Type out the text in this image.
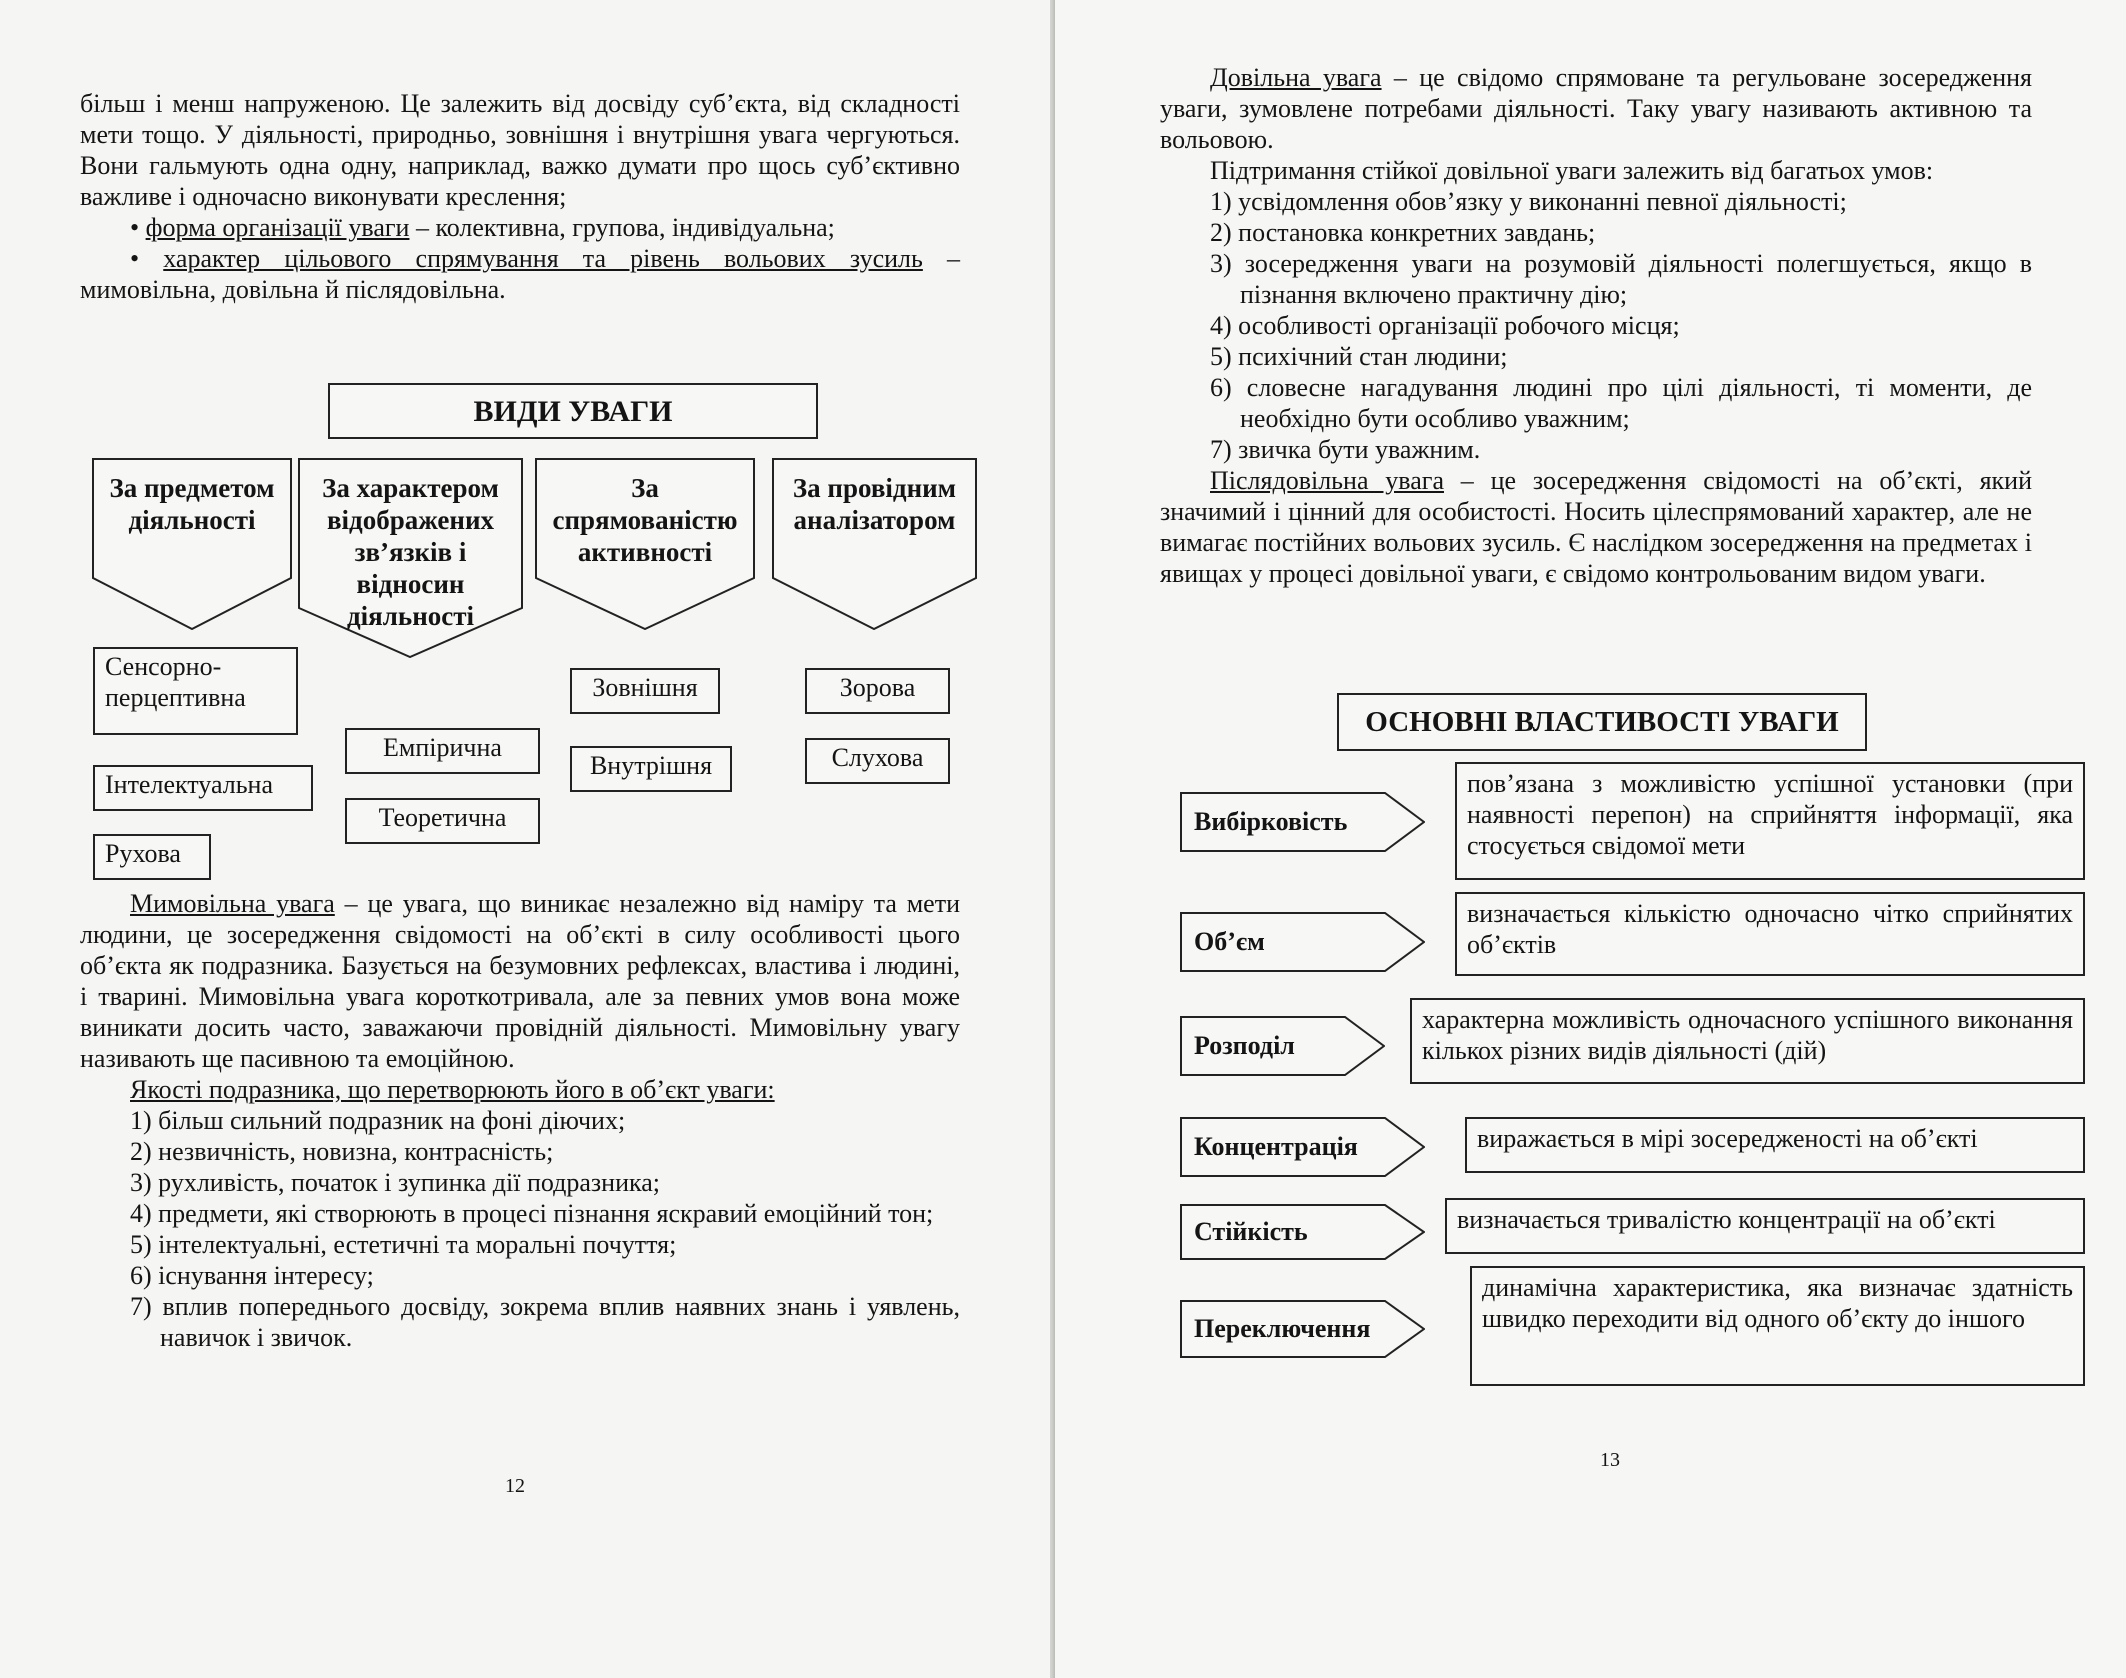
більш і менш напруженою. Це залежить від досвіду суб’єкта, від складності мети тощо. У діяльності, природньо, зовнішня і внутрішня увага чергуються. Вони гальмують одна одну, наприклад, важко думати про щось суб’єктивно важливе і одночасно виконувати креслення;

• форма організації уваги – колективна, групова, індивідуальна;

• характер цільового спрямування та рівень вольових зусиль – мимовільна, довільна й післядовільна.

ВИДИ УВАГИ
За предметом діяльності
За характером відображених зв’язків і відносин діяльності
За спрямованістю активності
За провідним аналізатором
Сенсорно-перцептивна
Інтелектуальна
Рухова
Емпірична
Теоретична
Зовнішня
Внутрішня
Зорова
Слухова

Мимовільна увага – це увага, що виникає незалежно від наміру та мети людини, це зосередження свідомості на об’єкті в силу особливості цього об’єкта як подразника. Базується на безумовних рефлексах, властива і людині, і тварині. Мимовільна увага короткотривала, але за певних умов вона може виникати досить часто, заважаючи провідній діяльності. Мимовільну увагу називають ще пасивною та емоційною.

Якості подразника, що перетворюють його в об’єкт уваги:

1) більш сильний подразник на фоні діючих;
2) незвичність, новизна, контрасність;
3) рухливість, початок і зупинка дії подразника;
4) предмети, які створюють в процесі пізнання яскравий емоційний тон;
5) інтелектуальні, естетичні та моральні почуття;
6) існування інтересу;
7) вплив попереднього досвіду, зокрема вплив наявних знань і уявлень, навичок і звичок.
12

Довільна увага – це свідомо спрямоване та регульоване зосередження уваги, зумовлене потребами діяльності. Таку увагу називають активною та вольовою.

Підтримання стійкої довільної уваги залежить від багатьох умов:

1) усвідомлення обов’язку у виконанні певної діяльності;
2) постановка конкретних завдань;
3) зосередження уваги на розумовій діяльності полегшується, якщо в пізнання включено практичну дію;
4) особливості організації робочого місця;
5) психічний стан людини;
6) словесне нагадування людині про цілі діяльності, ті моменти, де необхідно бути особливо уважним;
7) звичка бути уважним.

Післядовільна увага – це зосередження свідомості на об’єкті, який значимий і цінний для особистості. Носить цілеспрямований характер, але не вимагає постійних вольових зусиль. Є наслідком зосередження на предметах і явищах у процесі довільної уваги, є свідомо контрольованим видом уваги.

ОСНОВНІ ВЛАСТИВОСТІ УВАГИ
Вибірковість
пов’язана з можливістю успішної установки (при наявності перепон) на сприйняття інформації, яка стосується свідомої мети
Об’єм
визначається кількістю одночасно чітко сприйнятих об’єктів
Розподіл
характерна можливість одночасного успішного виконання кількох різних видів діяльності (дій)
Концентрація	виражається в мірі зосередженості на об’єкті
Стійкість	визначається тривалістю концентрації на об’єкті
Переключення
динамічна характеристика, яка визначає здатність швидко переходити від одного об’єкту до іншого
13
